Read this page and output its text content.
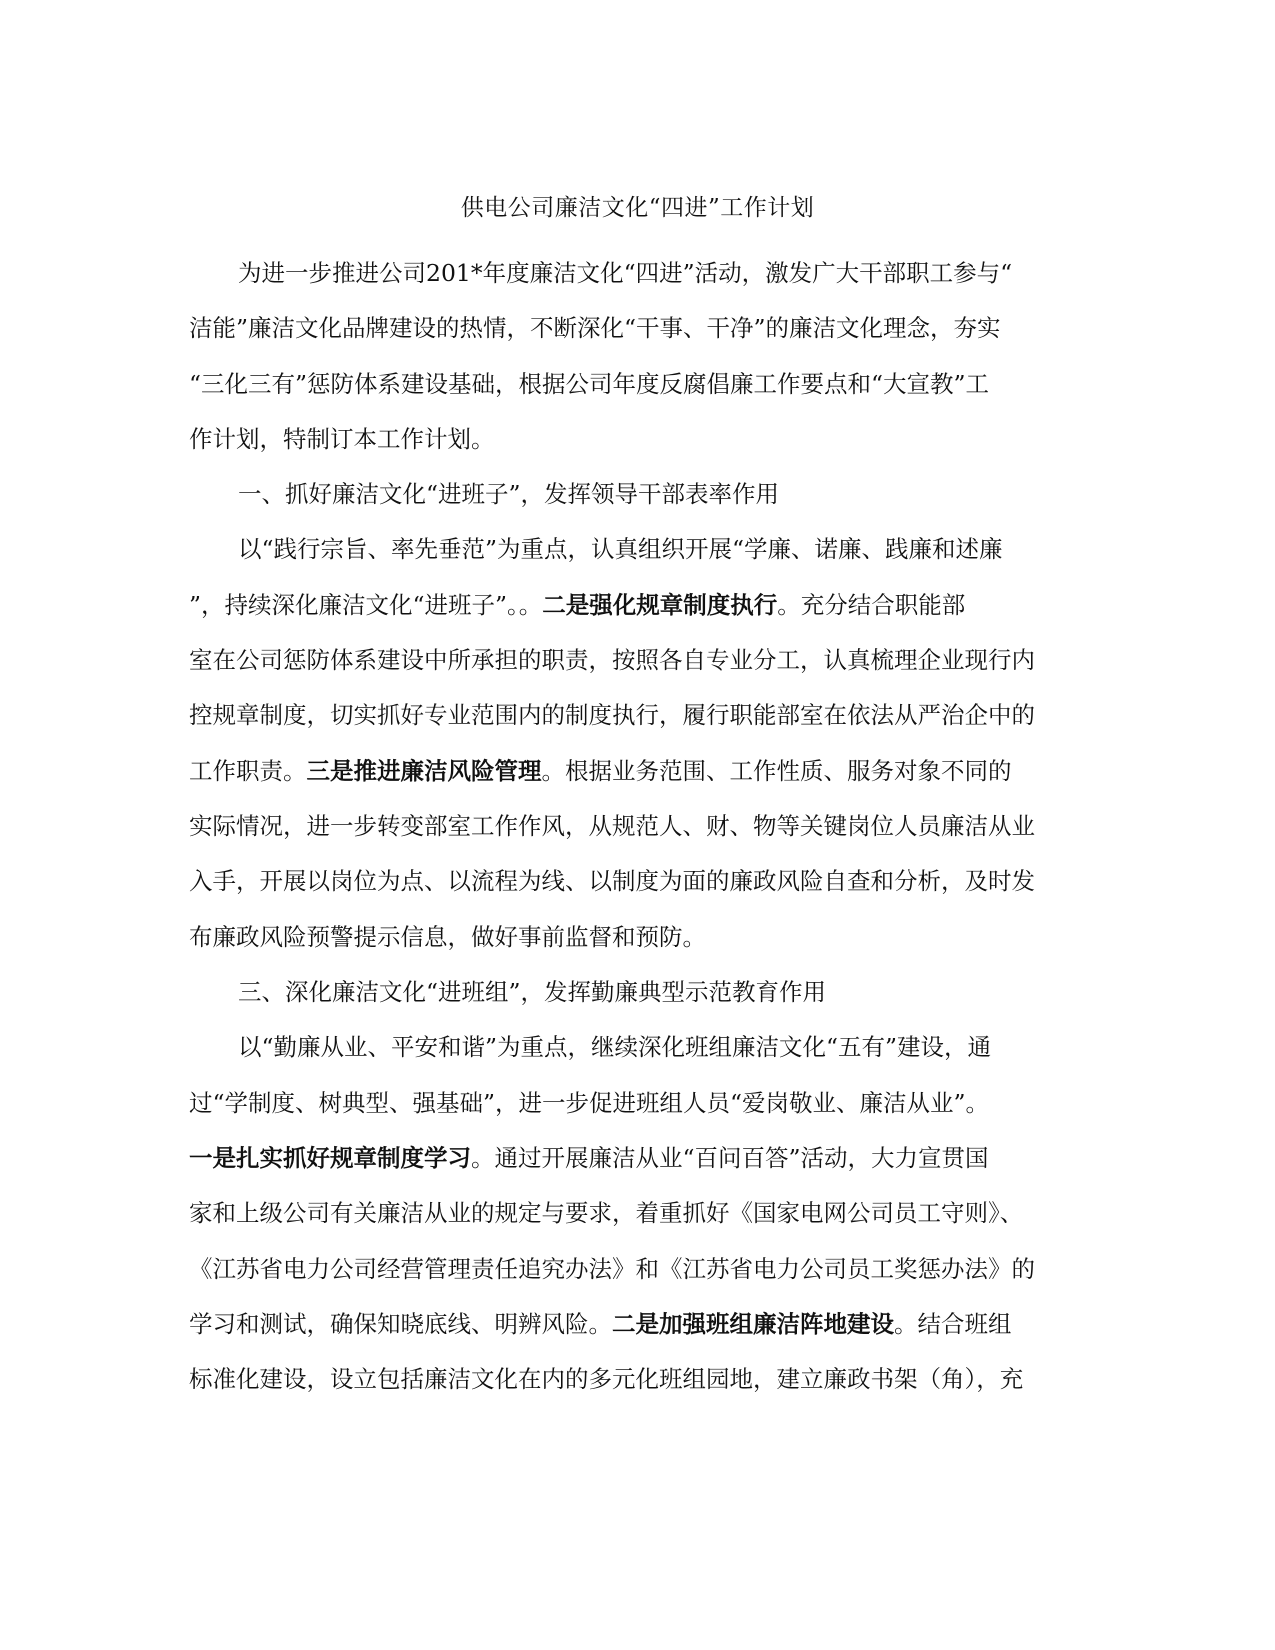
供电公司廉洁文化“四进”工作计划
为进一步推进公司201*年度廉洁文化“四进”活动，激发广大干部职工参与“
洁能”廉洁文化品牌建设的热情，不断深化“干事、干净”的廉洁文化理念，夯实
“三化三有”惩防体系建设基础，根据公司年度反腐倡廉工作要点和“大宣教”工
作计划，特制订本工作计划。
一、抓好廉洁文化“进班子”，发挥领导干部表率作用
以“践行宗旨、率先垂范”为重点，认真组织开展“学廉、诺廉、践廉和述廉
”，持续深化廉洁文化“进班子”。。二是强化规章制度执行。充分结合职能部
室在公司惩防体系建设中所承担的职责，按照各自专业分工，认真梳理企业现行内
控规章制度，切实抓好专业范围内的制度执行，履行职能部室在依法从严治企中的
工作职责。三是推进廉洁风险管理。根据业务范围、工作性质、服务对象不同的
实际情况，进一步转变部室工作作风，从规范人、财、物等关键岗位人员廉洁从业
入手，开展以岗位为点、以流程为线、以制度为面的廉政风险自查和分析，及时发
布廉政风险预警提示信息，做好事前监督和预防。
三、深化廉洁文化“进班组”，发挥勤廉典型示范教育作用
以“勤廉从业、平安和谐”为重点，继续深化班组廉洁文化“五有”建设，通
过“学制度、树典型、强基础”，进一步促进班组人员“爱岗敬业、廉洁从业”。
一是扎实抓好规章制度学习。通过开展廉洁从业“百问百答”活动，大力宣贯国
家和上级公司有关廉洁从业的规定与要求，着重抓好《国家电网公司员工守则》、
《江苏省电力公司经营管理责任追究办法》和《江苏省电力公司员工奖惩办法》的
学习和测试，确保知晓底线、明辨风险。二是加强班组廉洁阵地建设。结合班组
标准化建设，设立包括廉洁文化在内的多元化班组园地，建立廉政书架（角），充
